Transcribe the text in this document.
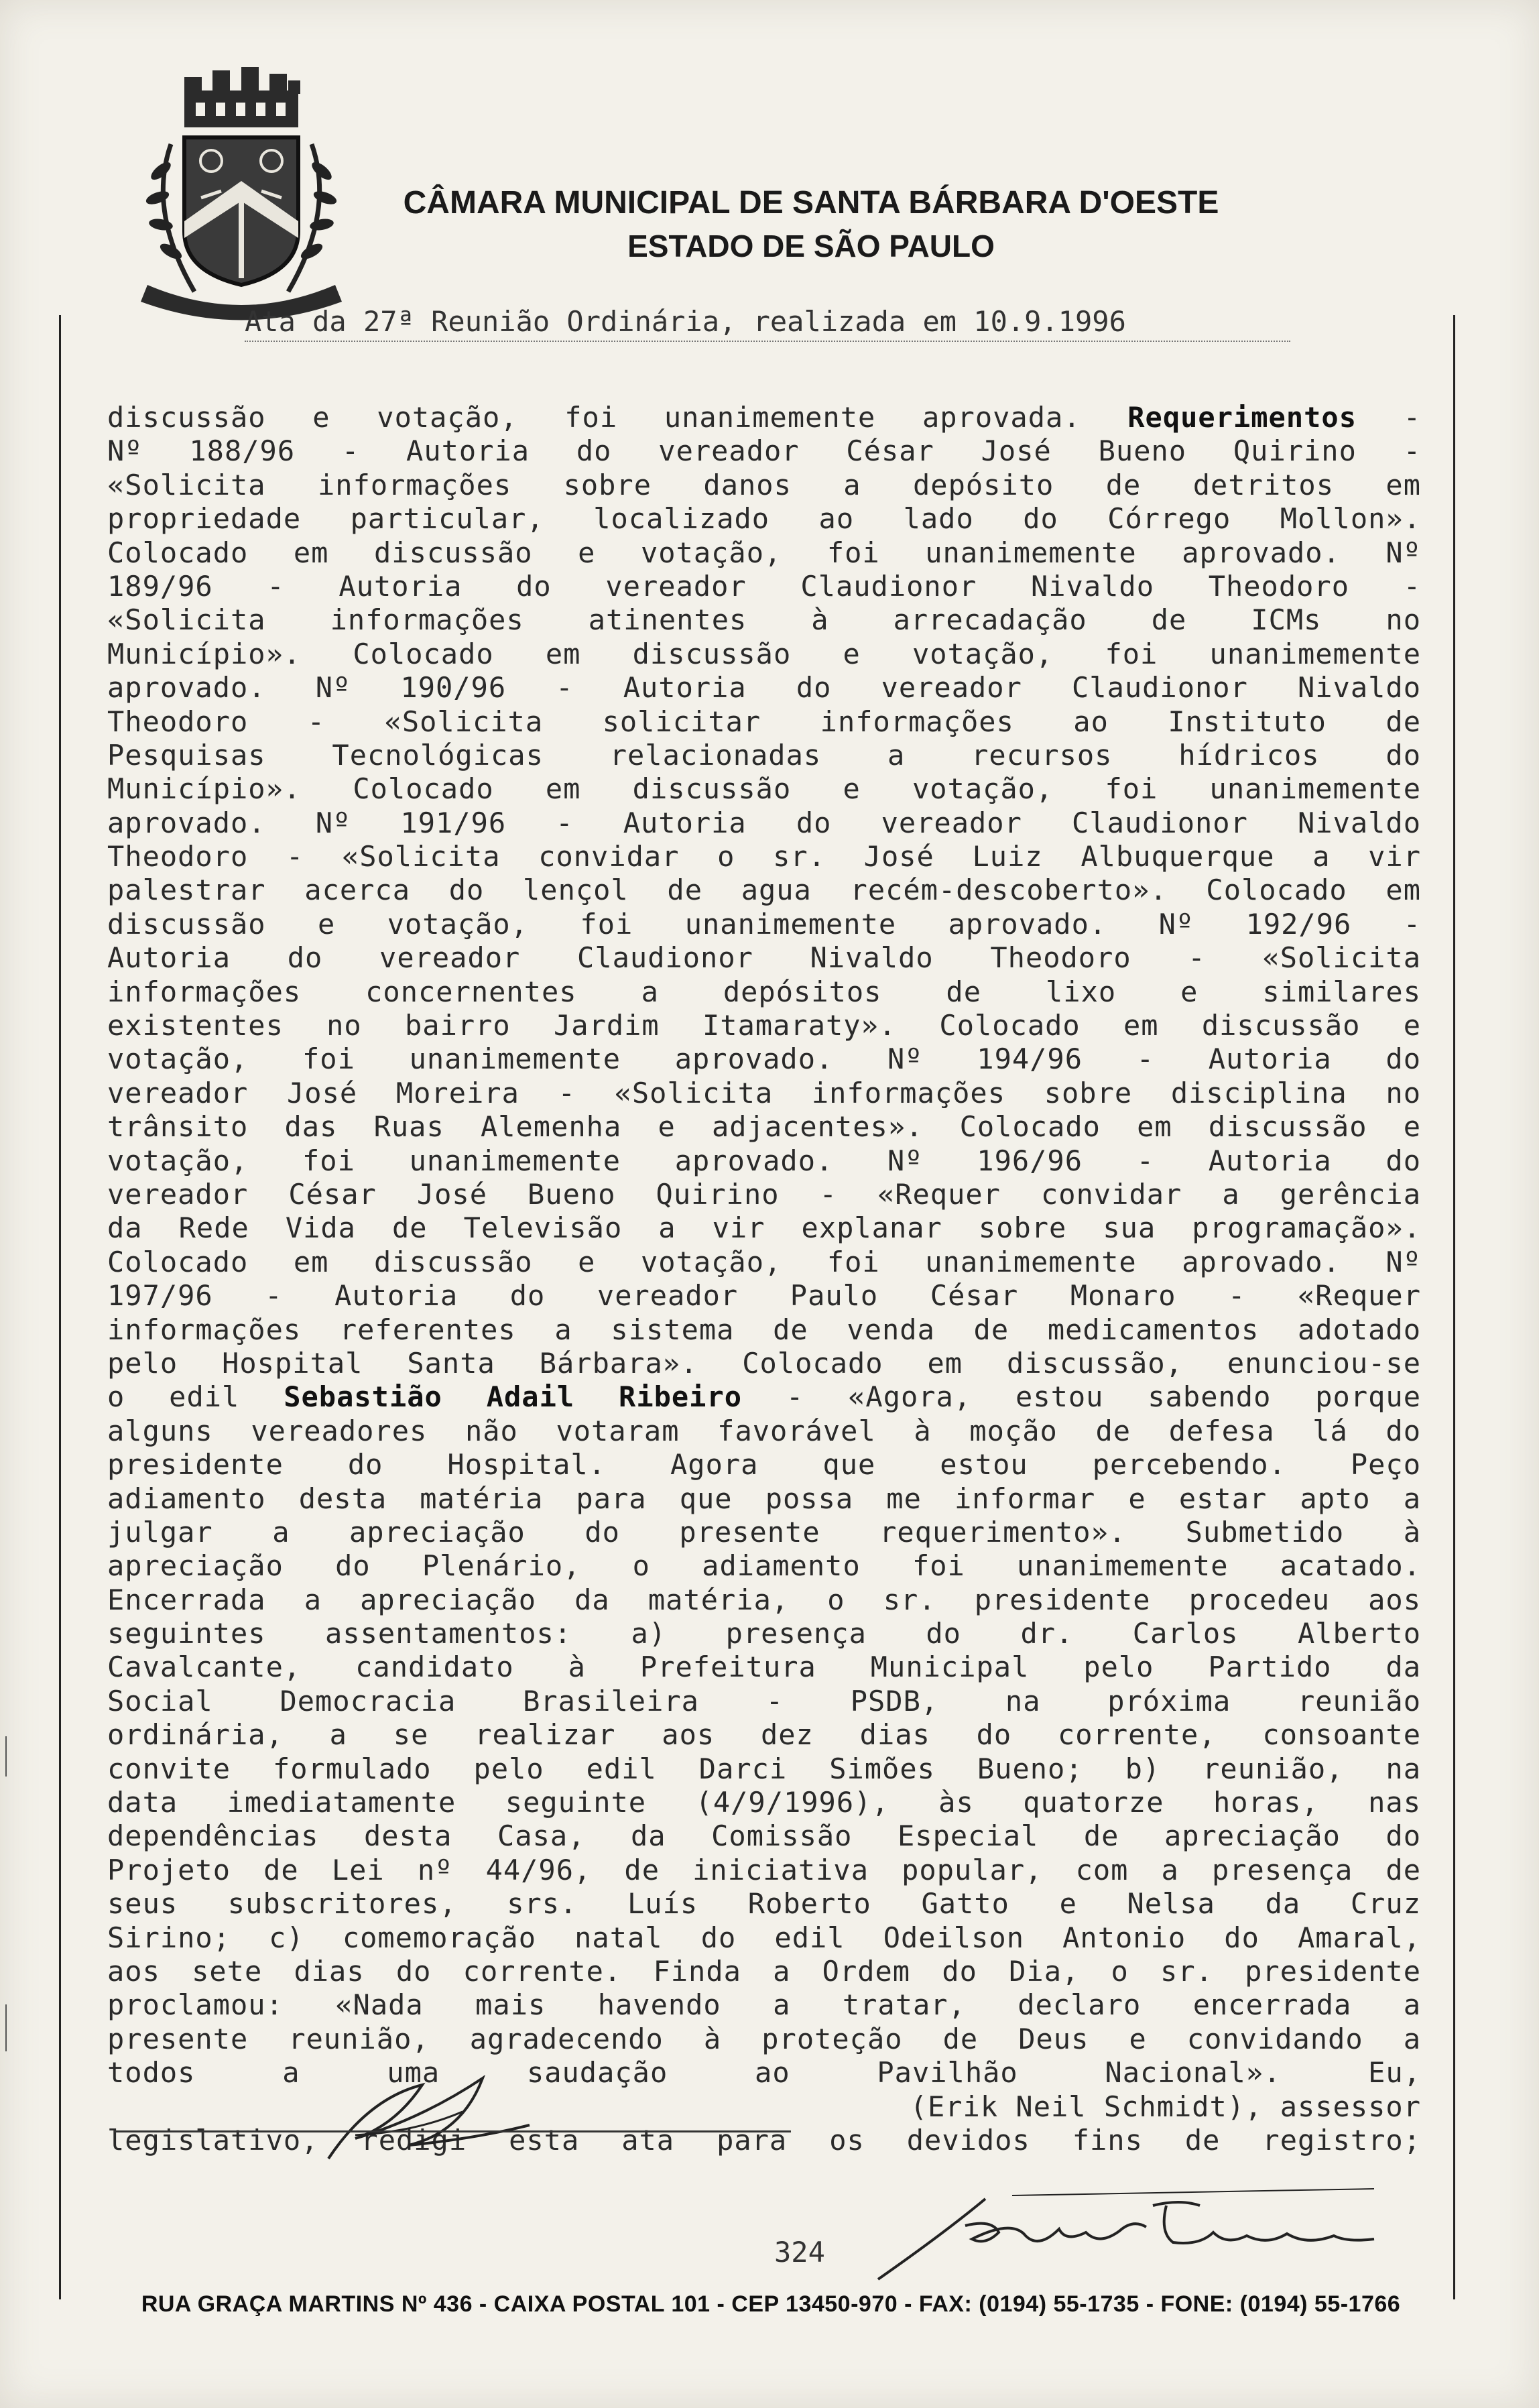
CÂMARA MUNICIPAL DE SANTA BÁRBARA D'OESTE
ESTADO DE SÃO PAULO
Ata da 27ª Reunião Ordinária, realizada em 10.9.1996
discussão e votação, foi unanimemente aprovada. Requerimentos -
Nº 188/96 - Autoria do vereador César José Bueno Quirino -
«Solicita informações sobre danos a depósito de detritos em
propriedade particular, localizado ao lado do Córrego Mollon».
Colocado em discussão e votação, foi unanimemente aprovado. Nº
189/96 - Autoria do vereador Claudionor Nivaldo Theodoro -
«Solicita informações atinentes à arrecadação de ICMs no
Município». Colocado em discussão e votação, foi unanimemente
aprovado. Nº 190/96 - Autoria do vereador Claudionor Nivaldo
Theodoro - «Solicita solicitar informações ao Instituto de
Pesquisas Tecnológicas relacionadas a recursos hídricos do
Município». Colocado em discussão e votação, foi unanimemente
aprovado. Nº 191/96 - Autoria do vereador Claudionor Nivaldo
Theodoro - «Solicita convidar o sr. José Luiz Albuquerque a vir
palestrar acerca do lençol de agua recém-descoberto». Colocado em
discussão e votação, foi unanimemente aprovado. Nº 192/96 -
Autoria do vereador Claudionor Nivaldo Theodoro - «Solicita
informações concernentes a depósitos de lixo e similares
existentes no bairro Jardim Itamaraty». Colocado em discussão e
votação, foi unanimemente aprovado. Nº 194/96 - Autoria do
vereador José Moreira - «Solicita informações sobre disciplina no
trânsito das Ruas Alemenha e adjacentes». Colocado em discussão e
votação, foi unanimemente aprovado. Nº 196/96 - Autoria do
vereador César José Bueno Quirino - «Requer convidar a gerência
da Rede Vida de Televisão a vir explanar sobre sua programação».
Colocado em discussão e votação, foi unanimemente aprovado. Nº
197/96 - Autoria do vereador Paulo César Monaro - «Requer
informações referentes a sistema de venda de medicamentos adotado
pelo Hospital Santa Bárbara». Colocado em discussão, enunciou-se
o edil Sebastião Adail Ribeiro - «Agora, estou sabendo porque
alguns vereadores não votaram favorável à moção de defesa lá do
presidente do Hospital. Agora que estou percebendo. Peço
adiamento desta matéria para que possa me informar e estar apto a
julgar a apreciação do presente requerimento». Submetido à
apreciação do Plenário, o adiamento foi unanimemente acatado.
Encerrada a apreciação da matéria, o sr. presidente procedeu aos
seguintes assentamentos: a) presença do dr. Carlos Alberto
Cavalcante, candidato à Prefeitura Municipal pelo Partido da
Social Democracia Brasileira - PSDB, na próxima reunião
ordinária, a se realizar aos dez dias do corrente, consoante
convite formulado pelo edil Darci Simões Bueno; b) reunião, na
data imediatamente seguinte (4/9/1996), às quatorze horas, nas
dependências desta Casa, da Comissão Especial de apreciação do
Projeto de Lei nº 44/96, de iniciativa popular, com a presença de
seus subscritores, srs. Luís Roberto Gatto e Nelsa da Cruz
Sirino; c) comemoração natal do edil Odeilson Antonio do Amaral,
aos sete dias do corrente. Finda a Ordem do Dia, o sr. presidente
proclamou: «Nada mais havendo a tratar, declaro encerrada a
presente reunião, agradecendo à proteção de Deus e convidando a
todos a uma saudação ao Pavilhão Nacional». Eu,
(Erik Neil Schmidt), assessor
legislativo, redigi esta ata para os devidos fins de registro;
324
RUA GRAÇA MARTINS Nº 436 - CAIXA POSTAL 101 - CEP 13450-970 - FAX: (0194) 55-1735 - FONE: (0194) 55-1766
